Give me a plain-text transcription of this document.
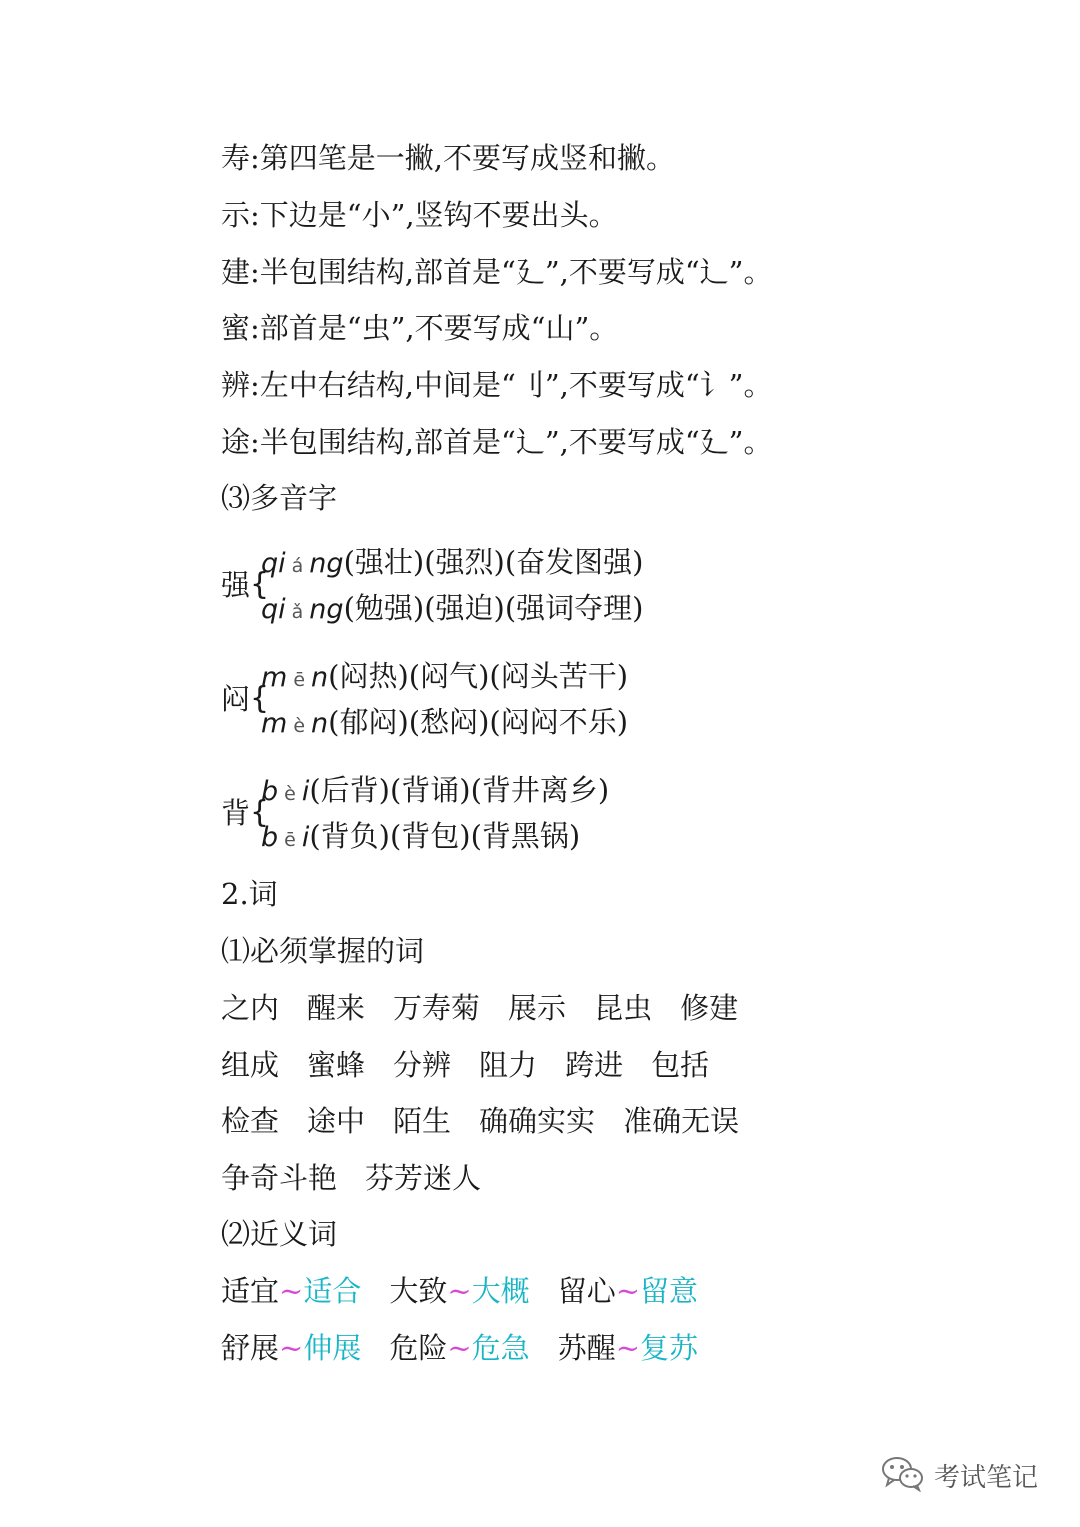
寿:第四笔是一撇,不要写成竖和撇。
示:下边是“小”,竖钩不要出头。
建:半包围结构,部首是“廴”,不要写成“辶”。
蜜:部首是“虫”,不要写成“山”。
辨:左中右结构,中间是“刂”,不要写成“讠”。
途:半包围结构,部首是“辶”,不要写成“廴”。
⑶多音字
强 {
qi á ng(强壮)(强烈)(奋发图强)
qi ǎ ng(勉强)(强迫)(强词夺理)
闷 {
m ē n(闷热)(闷气)(闷头苦干)
m è n(郁闷)(愁闷)(闷闷不乐)
背 {
b è i(后背)(背诵)(背井离乡)
b ē i(背负)(背包)(背黑锅)
2.词
⑴必须掌握的词
之内 醒来 万寿菊 展示 昆虫 修建
组成 蜜蜂 分辨 阻力 跨进 包括
检查 途中 陌生 确确实实 准确无误
争奇斗艳 芬芳迷人
⑵近义词
适宜~适合 大致~大概 留心~留意
舒展~伸展 危险~危急 苏醒~复苏
考试笔记
